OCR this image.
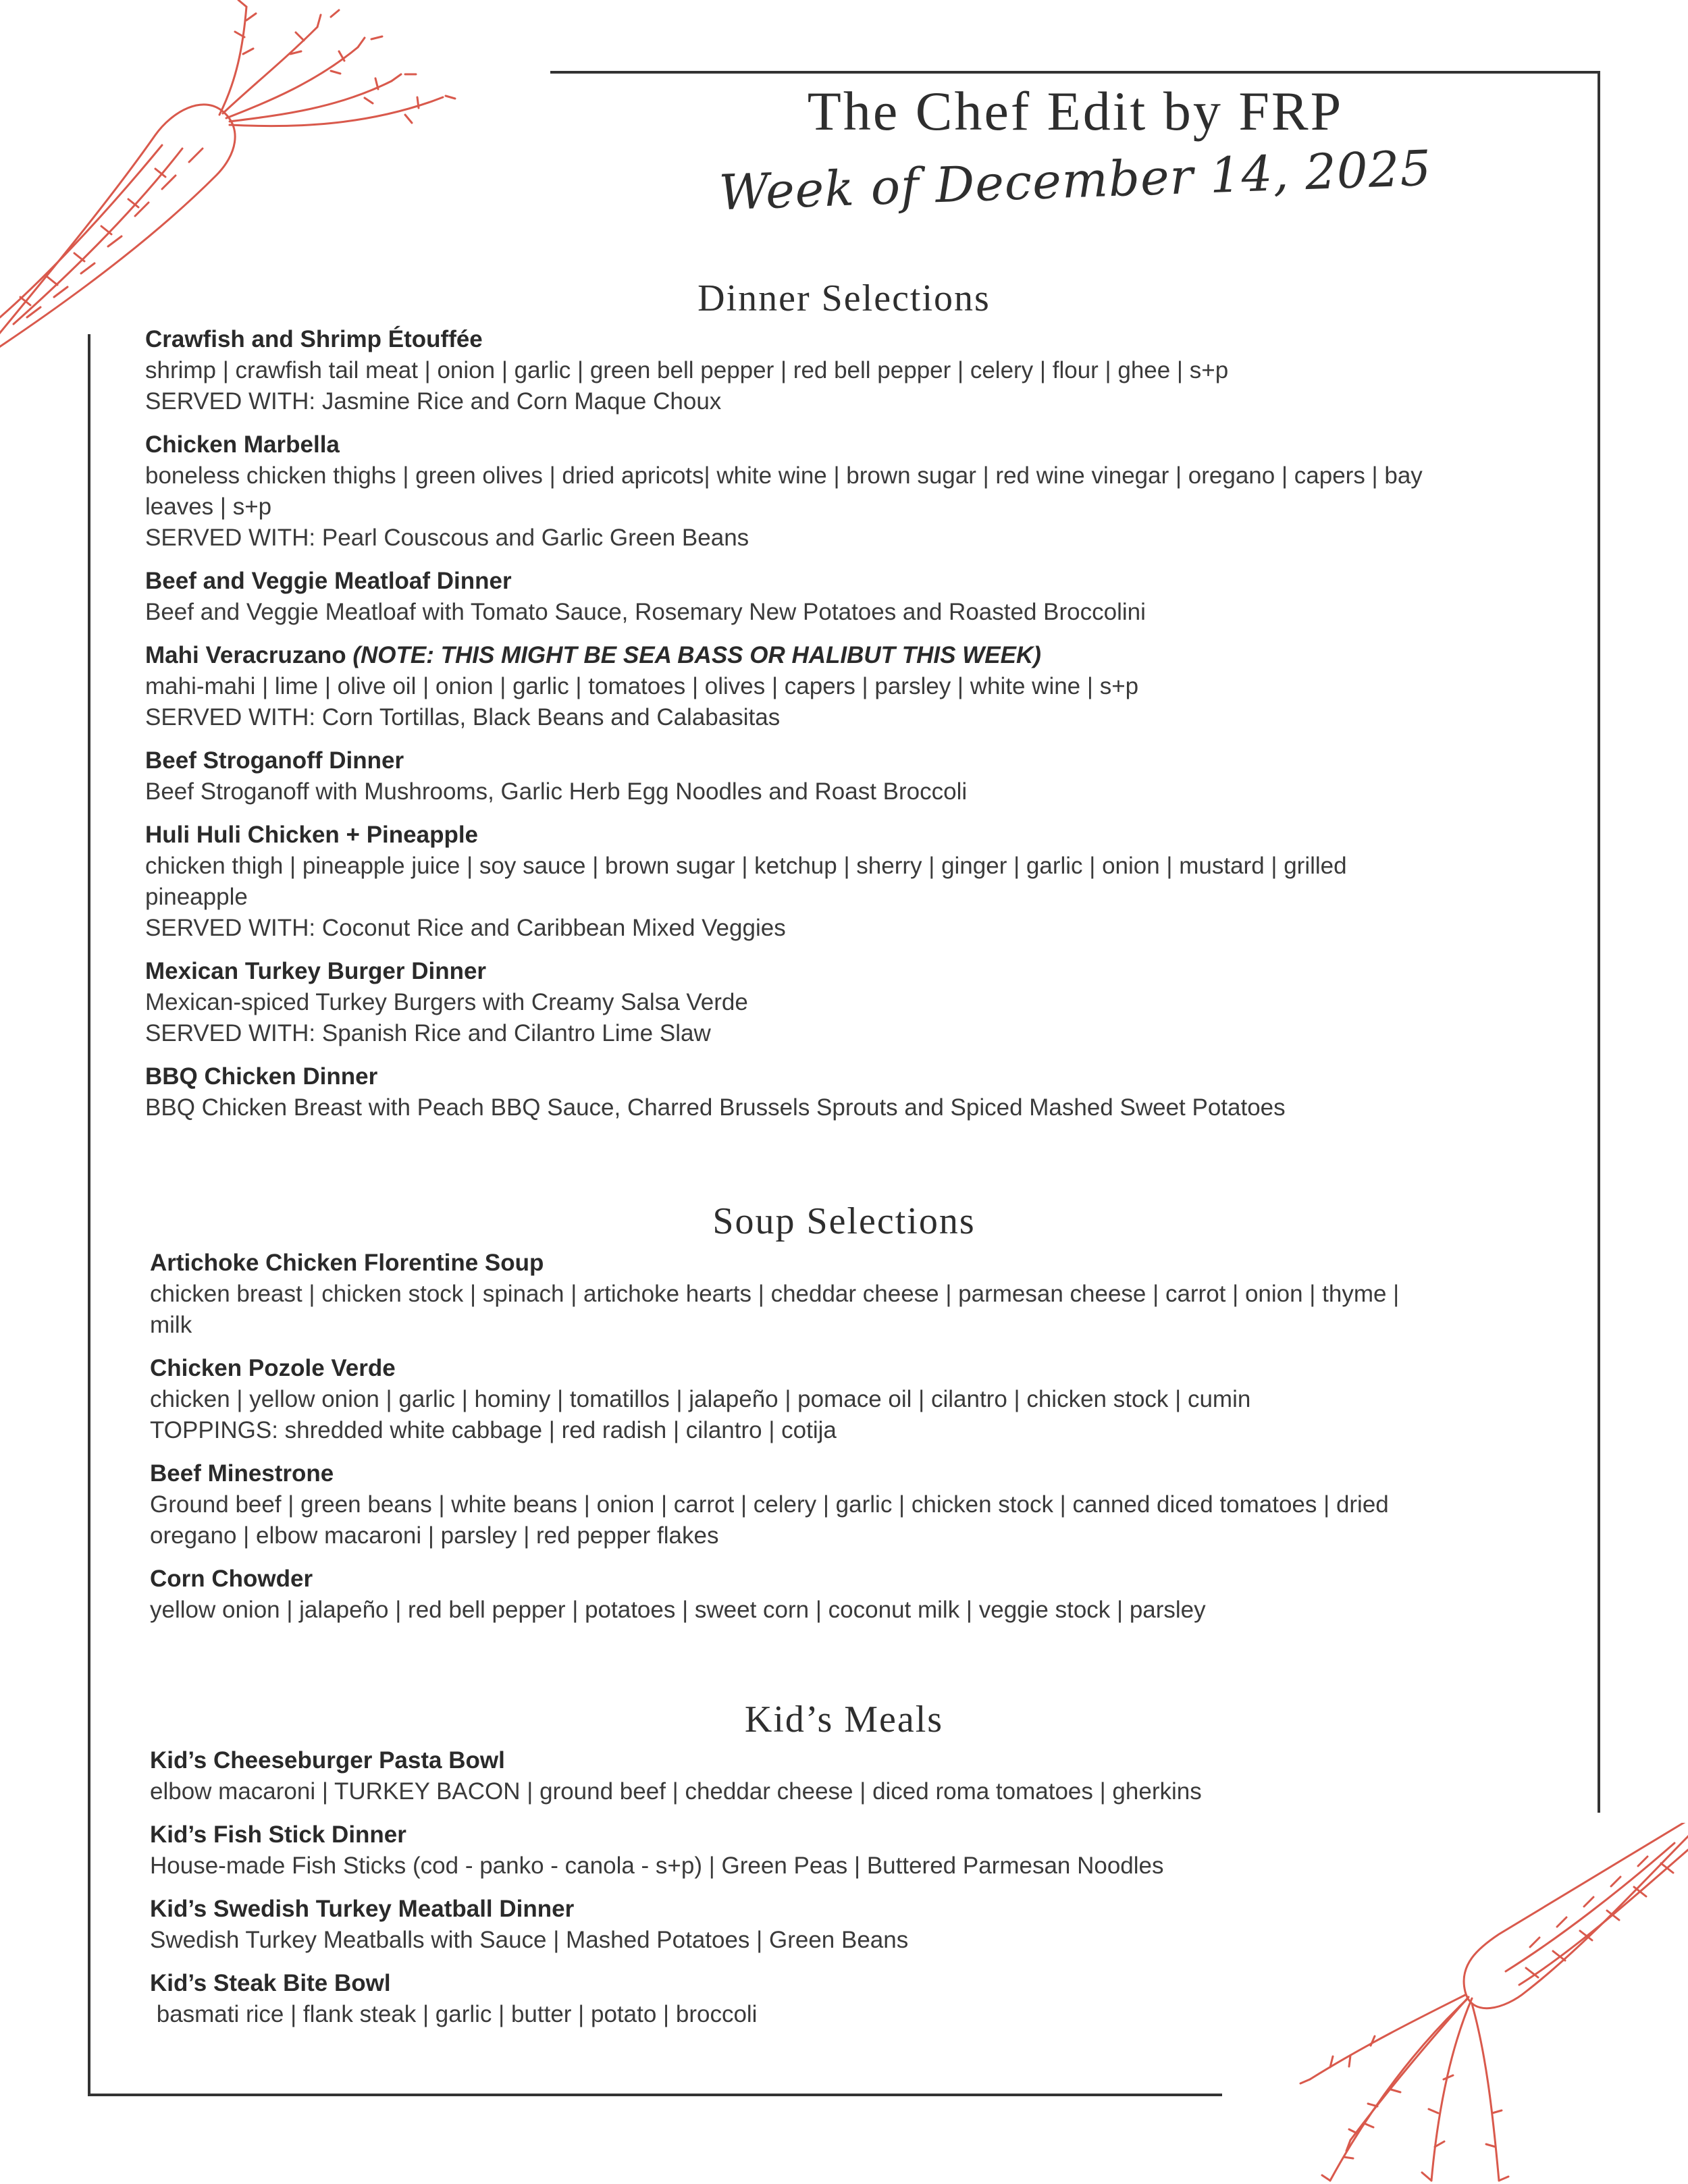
The Chef Edit by FRP
Week of December 14, 2025
Dinner Selections
Crawfish and Shrimp Étouffée
shrimp | crawfish tail meat | onion | garlic | green bell pepper | red bell pepper | celery | flour | ghee | s+p
SERVED WITH: Jasmine Rice and Corn Maque Choux
Chicken Marbella
boneless chicken thighs | green olives | dried apricots| white wine | brown sugar | red wine vinegar | oregano | capers | bay
leaves | s+p
SERVED WITH: Pearl Couscous and Garlic Green Beans
Beef and Veggie Meatloaf Dinner
Beef and Veggie Meatloaf with Tomato Sauce, Rosemary New Potatoes and Roasted Broccolini
Mahi Veracruzano (NOTE: THIS MIGHT BE SEA BASS OR HALIBUT THIS WEEK)
mahi-mahi | lime | olive oil | onion | garlic | tomatoes | olives | capers | parsley | white wine | s+p
SERVED WITH: Corn Tortillas, Black Beans and Calabasitas
Beef Stroganoff Dinner
Beef Stroganoff with Mushrooms, Garlic Herb Egg Noodles and Roast Broccoli
Huli Huli Chicken + Pineapple
chicken thigh | pineapple juice | soy sauce | brown sugar | ketchup | sherry | ginger | garlic | onion | mustard | grilled
pineapple
SERVED WITH: Coconut Rice and Caribbean Mixed Veggies
Mexican Turkey Burger Dinner
Mexican-spiced Turkey Burgers with Creamy Salsa Verde
SERVED WITH: Spanish Rice and Cilantro Lime Slaw
BBQ Chicken Dinner
BBQ Chicken Breast with Peach BBQ Sauce, Charred Brussels Sprouts and Spiced Mashed Sweet Potatoes
Soup Selections
Artichoke Chicken Florentine Soup
chicken breast | chicken stock | spinach | artichoke hearts | cheddar cheese | parmesan cheese | carrot | onion | thyme |
milk
Chicken Pozole Verde
chicken | yellow onion | garlic | hominy | tomatillos | jalapeño | pomace oil | cilantro | chicken stock | cumin
TOPPINGS: shredded white cabbage | red radish | cilantro | cotija
Beef Minestrone
Ground beef | green beans | white beans | onion | carrot | celery | garlic | chicken stock | canned diced tomatoes | dried
oregano | elbow macaroni | parsley | red pepper flakes
Corn Chowder
yellow onion | jalapeño | red bell pepper | potatoes | sweet corn | coconut milk | veggie stock | parsley
Kid’s Meals
Kid’s Cheeseburger Pasta Bowl
elbow macaroni | TURKEY BACON | ground beef | cheddar cheese | diced roma tomatoes | gherkins
Kid’s Fish Stick Dinner
House-made Fish Sticks (cod - panko - canola - s+p) | Green Peas | Buttered Parmesan Noodles
Kid’s Swedish Turkey Meatball Dinner
Swedish Turkey Meatballs with Sauce | Mashed Potatoes | Green Beans
Kid’s Steak Bite Bowl
basmati rice | flank steak | garlic | butter | potato | broccoli
